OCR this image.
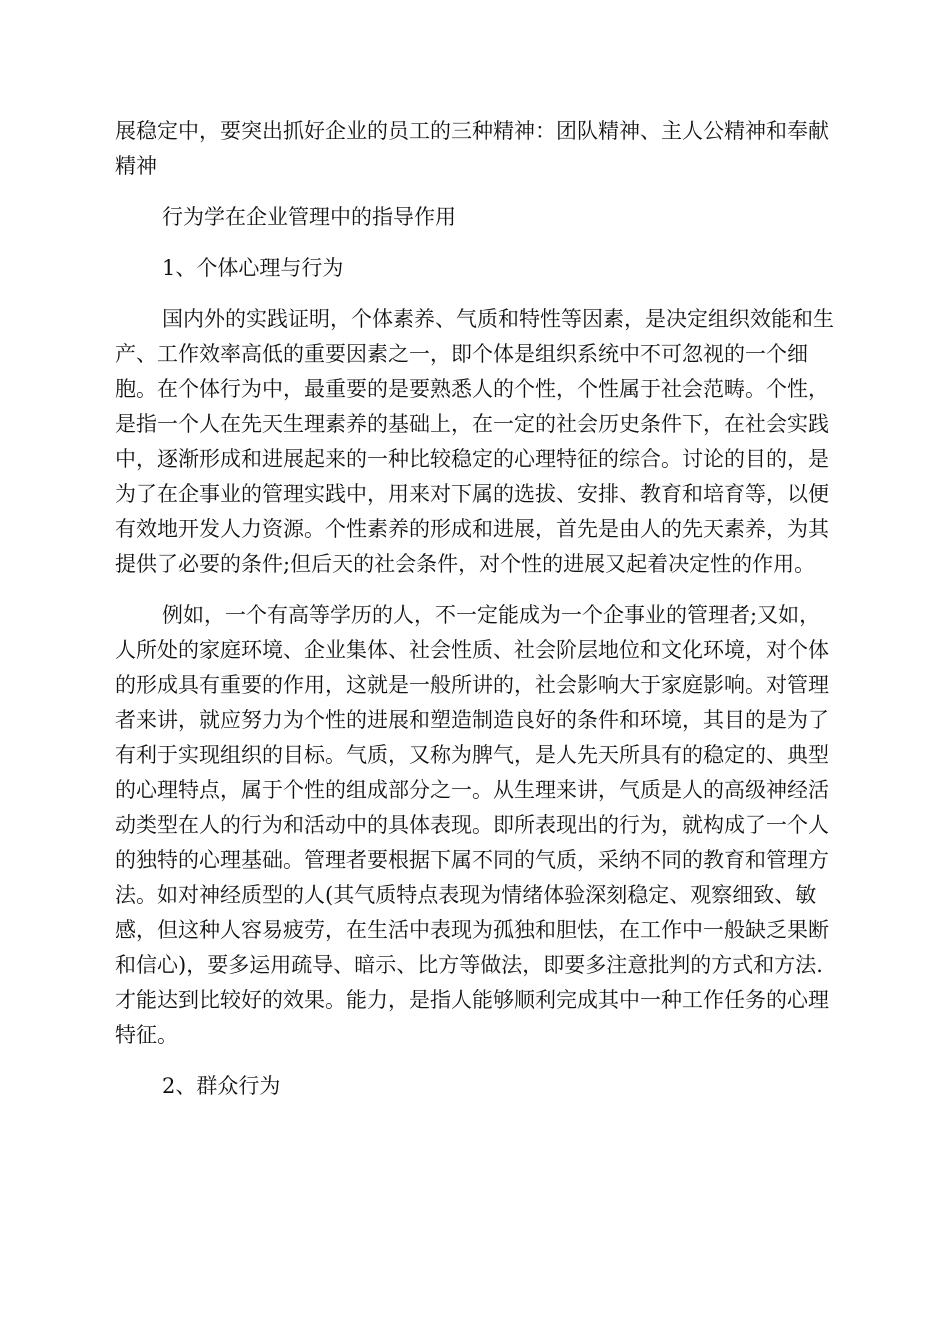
展稳定中，要突出抓好企业的员工的三种精神：团队精神、主人公精神和奉献精神

行为学在企业管理中的指导作用

1、个体心理与行为

国内外的实践证明，个体素养、气质和特性等因素，是决定组织效能和生产、工作效率高低的重要因素之一，即个体是组织系统中不可忽视的一个细胞。在个体行为中，最重要的是要熟悉人的个性，个性属于社会范畴。个性，是指一个人在先天生理素养的基础上，在一定的社会历史条件下，在社会实践中，逐渐形成和进展起来的一种比较稳定的心理特征的综合。讨论的目的，是为了在企事业的管理实践中，用来对下属的选拔、安排、教育和培育等，以便有效地开发人力资源。个性素养的形成和进展，首先是由人的先天素养，为其提供了必要的条件;但后天的社会条件，对个性的进展又起着决定性的作用。

例如，一个有高等学历的人，不一定能成为一个企事业的管理者;又如，人所处的家庭环境、企业集体、社会性质、社会阶层地位和文化环境，对个体的形成具有重要的作用，这就是一般所讲的，社会影响大于家庭影响。对管理者来讲，就应努力为个性的进展和塑造制造良好的条件和环境，其目的是为了有利于实现组织的目标。气质，又称为脾气，是人先天所具有的稳定的、典型的心理特点，属于个性的组成部分之一。从生理来讲，气质是人的高级神经活动类型在人的行为和活动中的具体表现。即所表现出的行为，就构成了一个人的独特的心理基础。管理者要根据下属不同的气质，采纳不同的教育和管理方法。如对神经质型的人(其气质特点表现为情绪体验深刻稳定、观察细致、敏感，但这种人容易疲劳，在生活中表现为孤独和胆怯，在工作中一般缺乏果断和信心)，要多运用疏导、暗示、比方等做法，即要多注意批判的方式和方法.才能达到比较好的效果。能力，是指人能够顺利完成其中一种工作任务的心理特征。

2、群众行为
